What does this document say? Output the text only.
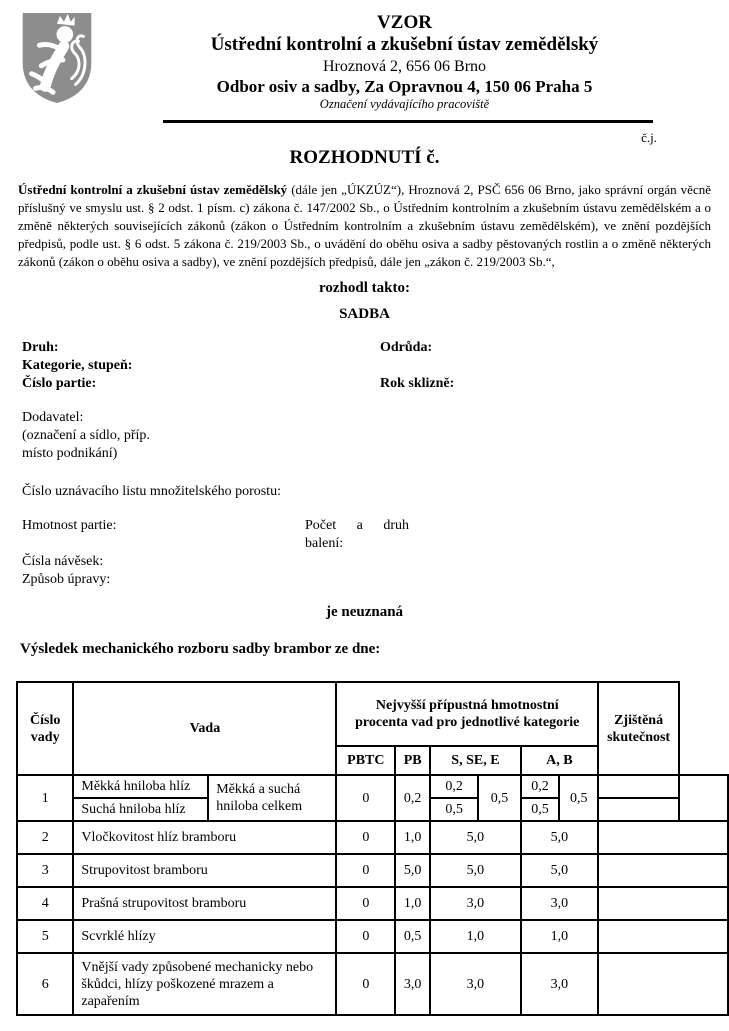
VZOR
Ústřední kontrolní a zkušební ústav zemědělský
Hroznová 2, 656 06 Brno
Odbor osiv a sadby, Za Opravnou 4, 150 06 Praha 5
Označení vydávajícího pracoviště
č.j.
ROZHODNUTÍ č.

Ústřední kontrolní a zkušební ústav zemědělský (dále jen „ÚKZÚZ“), Hroznová 2, PSČ 656 06 Brno, jako správní orgán věcně příslušný ve smyslu ust. § 2 odst. 1 písm. c) zákona č. 147/2002 Sb., o Ústředním kontrolním a zkušebním ústavu zemědělském a o změně některých souvisejících zákonů (zákon o Ústředním kontrolním a zkušebním ústavu zemědělském), ve znění pozdějších předpisů, podle ust. § 6 odst. 5 zákona č. 219/2003 Sb., o uvádění do oběhu osiva a sadby pěstovaných rostlin a o změně některých zákonů (zákon o oběhu osiva a sadby), ve znění pozdějších předpisů, dále jen „zákon č. 219/2003 Sb.“,

rozhodl takto:
SADBA
Druh:	Odrůda:
Kategorie, stupeň:
Číslo partie:	Rok sklizně:
Dodavatel:
(označení a sídlo, příp.
místo podnikání)
Číslo uznávacího listu množitelského porostu:
Hmotnost partie:	Počet a druh
balení:
Čísla návěsek:
Způsob úpravy:
je neuznaná
Výsledek mechanického rozboru sadby brambor ze dne:
Číslo vady	Vada		Nejvyšší přípustná hmotnostní procenta vad pro jednotlivé kategorie						Zjištěná skutečnost	
			PBTC	PB	S, SE, E		A, B			
1	Měkká hniloba hlíz	Měkká a suchá hniloba celkem	0	0,2	0,2	0,5	0,2	0,5		
	Suchá hniloba hlíz				0,5		0,5			
2	Vločkovitost hlíz bramboru		0	1,0	5,0		5,0			
3	Strupovitost bramboru		0	5,0	5,0		5,0			
4	Prašná strupovitost bramboru		0	1,0	3,0		3,0			
5	Scvrklé hlízy		0	0,5	1,0		1,0			
6	Vnější vady způsobené mechanicky nebo škůdci, hlízy poškozené mrazem a zapařením		0	3,0	3,0		3,0			
